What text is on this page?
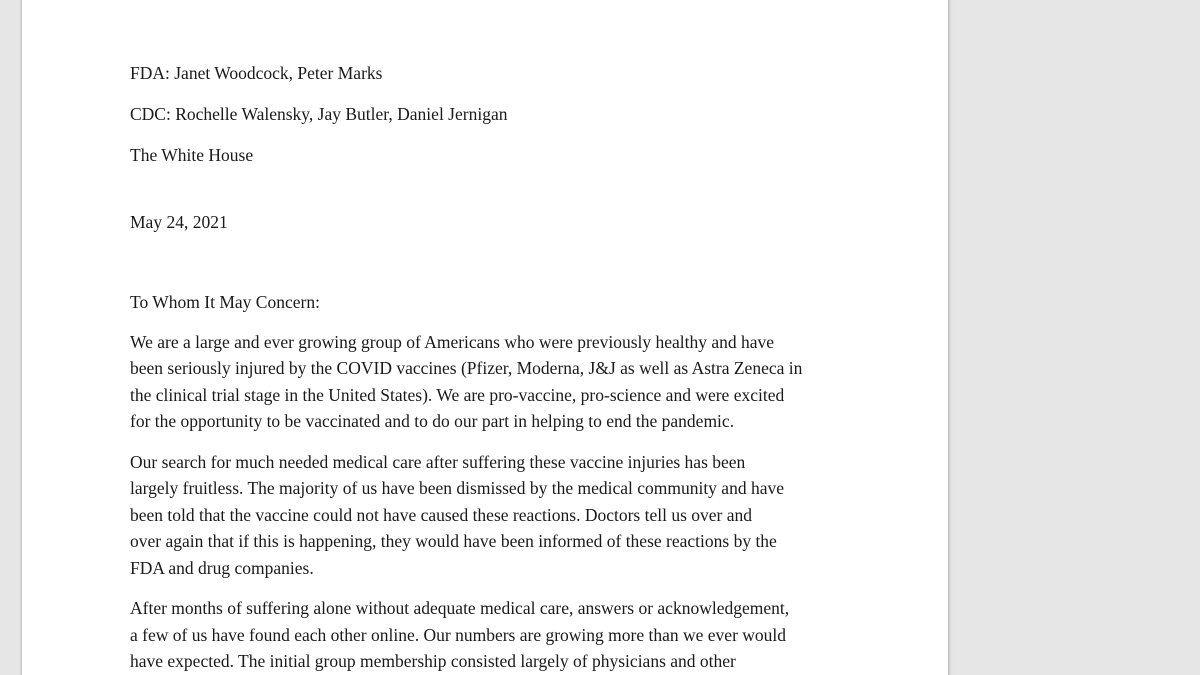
FDA: Janet Woodcock, Peter Marks

CDC: Rochelle Walensky, Jay Butler, Daniel Jernigan

The White House

May 24, 2021

To Whom It May Concern:

We are a large and ever growing group of Americans who were previously healthy and have
been seriously injured by the COVID vaccines (Pfizer, Moderna, J&J as well as Astra Zeneca in
the clinical trial stage in the United States). We are pro-vaccine, pro-science and were excited
for the opportunity to be vaccinated and to do our part in helping to end the pandemic.

Our search for much needed medical care after suffering these vaccine injuries has been
largely fruitless. The majority of us have been dismissed by the medical community and have
been told that the vaccine could not have caused these reactions. Doctors tell us over and
over again that if this is happening, they would have been informed of these reactions by the
FDA and drug companies.

After months of suffering alone without adequate medical care, answers or acknowledgement,
a few of us have found each other online. Our numbers are growing more than we ever would
have expected. The initial group membership consisted largely of physicians and other
